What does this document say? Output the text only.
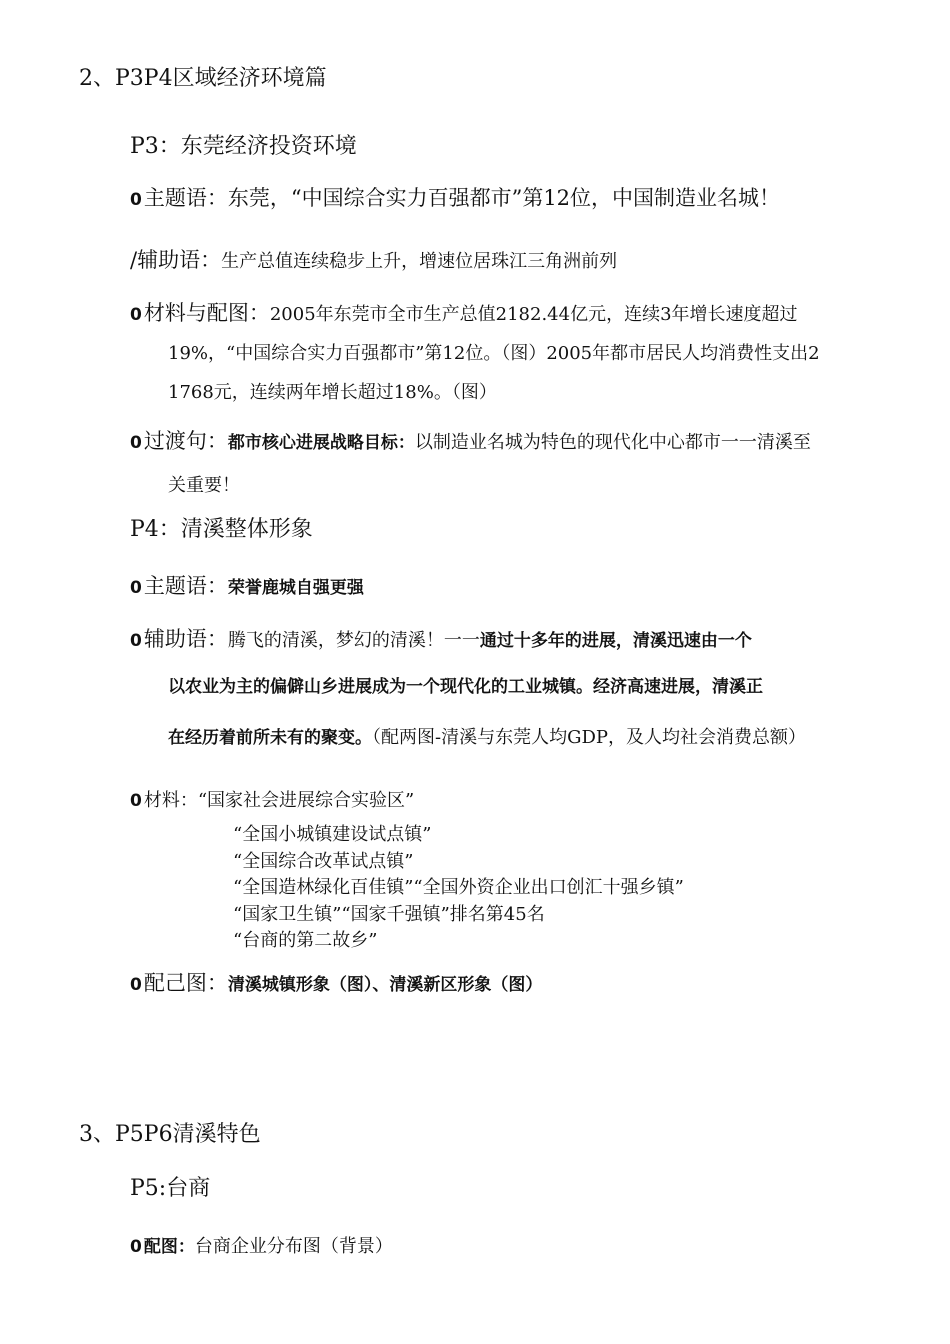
2、P3P4区域经济环境篇
P3：东莞经济投资环境
0主题语：东莞，“中国综合实力百强都市”第12位，中国制造业名城！
/辅助语：生产总值连续稳步上升，增速位居珠江三角洲前列
0材料与配图：2005年东莞市全市生产总值2182.44亿元，连续3年增长速度超过
19%，“中国综合实力百强都市”第12位。（图）2005年都市居民人均消费性支出2
1768元，连续两年增长超过18%。（图）
0过渡句：都市核心进展战略目标：以制造业名城为特色的现代化中心都市一一清溪至
关重要！
P4：清溪整体形象
0主题语：荣誉鹿城自强更强
0辅助语：腾飞的清溪，梦幻的清溪！一一通过十多年的进展，清溪迅速由一个
以农业为主的偏僻山乡进展成为一个现代化的工业城镇。经济高速进展，清溪正
在经历着前所未有的聚变。（配两图-清溪与东莞人均GDP，及人均社会消费总额）
0 材料：“国家社会进展综合实验区”
“全国小城镇建设试点镇”
“全国综合改革试点镇”
“全国造林绿化百佳镇”“全国外资企业出口创汇十强乡镇”
“国家卫生镇”“国家千强镇”排名第45名
“台商的第二故乡”
0配己图：清溪城镇形象（图）、清溪新区形象（图）
3、P5P6清溪特色
P5:台商
0 配图：台商企业分布图（背景）
